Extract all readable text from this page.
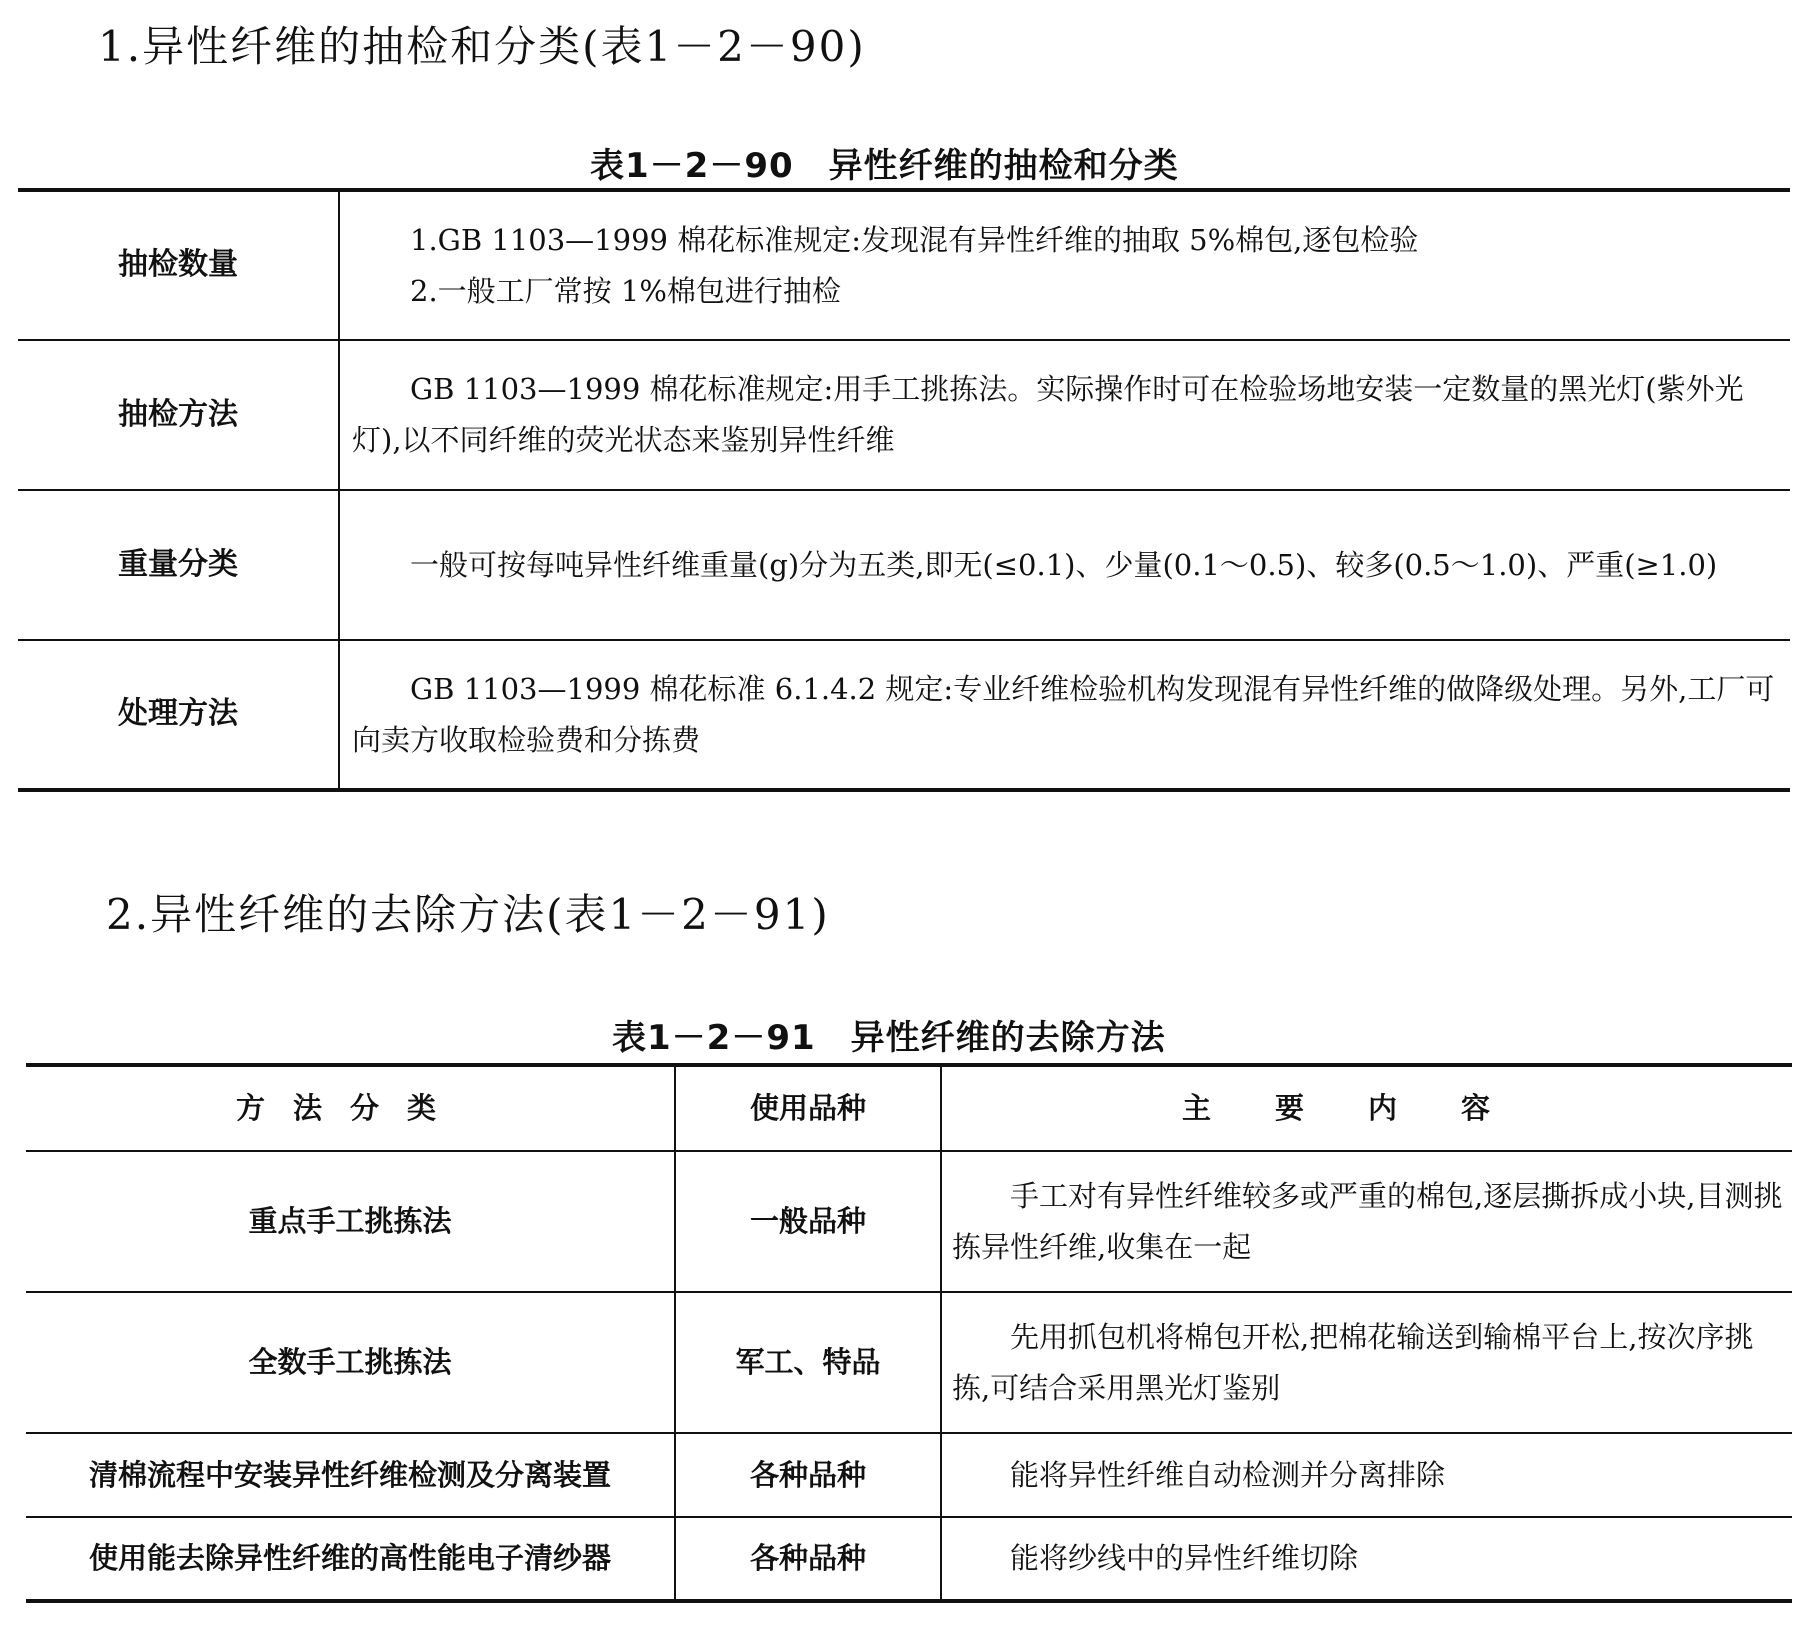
1.异性纤维的抽检和分类(表1－2－90)
表1－2－90　异性纤维的抽检和分类
抽检数量	1.GB 1103—1999 棉花标准规定:发现混有异性纤维的抽取 5%棉包,逐包检验
2.一般工厂常按 1%棉包进行抽检

抽检方法	GB 1103—1999 棉花标准规定:用手工挑拣法。实际操作时可在检验场地安装一定数量的黑光灯(紫外光灯),以不同纤维的荧光状态来鉴别异性纤维

重量分类	一般可按每吨异性纤维重量(g)分为五类,即无(≤0.1)、少量(0.1～0.5)、较多(0.5～1.0)、严重(≥1.0)

处理方法	GB 1103—1999 棉花标准 6.1.4.2 规定:专业纤维检验机构发现混有异性纤维的做降级处理。另外,工厂可向卖方收取检验费和分拣费
2.异性纤维的去除方法(表1－2－91)
表1－2－91　异性纤维的去除方法
方法分类	使用品种	主要内容
重点手工挑拣法	一般品种	手工对有异性纤维较多或严重的棉包,逐层撕拆成小块,目测挑拣异性纤维,收集在一起

全数手工挑拣法	军工、特品	先用抓包机将棉包开松,把棉花输送到输棉平台上,按次序挑拣,可结合采用黑光灯鉴别

清棉流程中安装异性纤维检测及分离装置	各种品种	能将异性纤维自动检测并分离排除

使用能去除异性纤维的高性能电子清纱器	各种品种	能将纱线中的异性纤维切除
